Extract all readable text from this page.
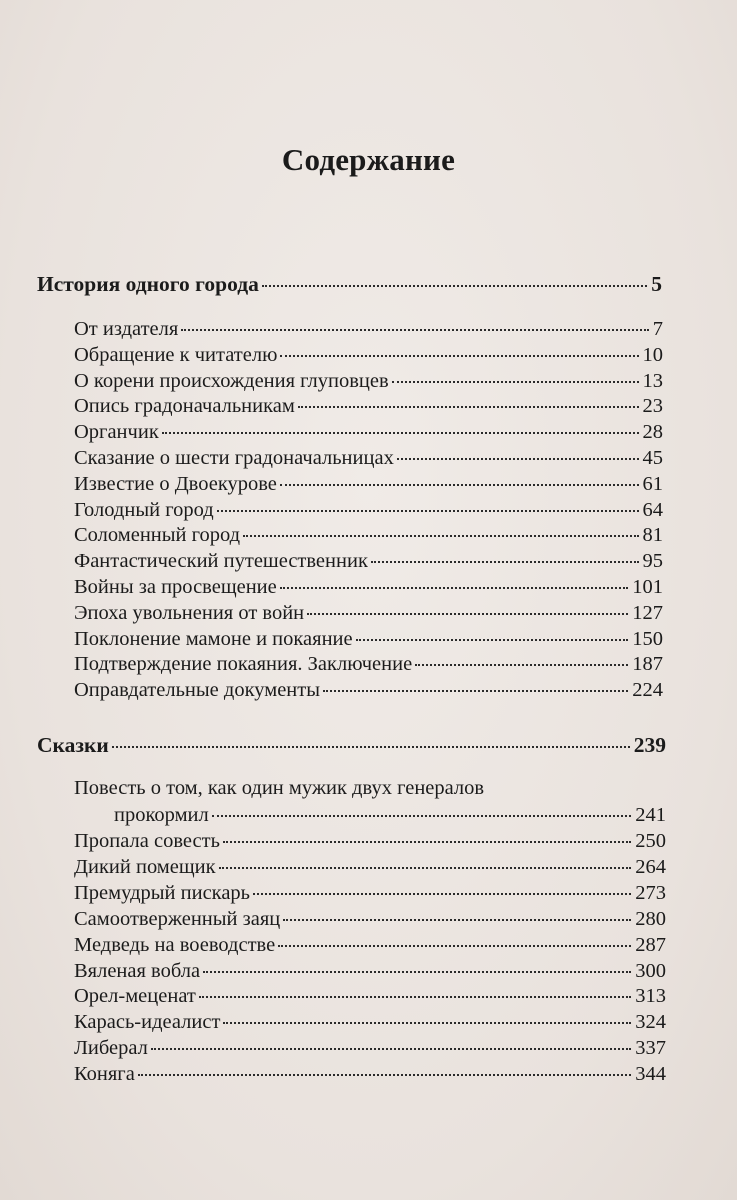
Содержание
История одного города	5
От издателя	7
Обращение к читателю	10
О корени происхождения глуповцев	13
Опись градоначальникам	23
Органчик	28
Сказание о шести градоначальницах	45
Известие о Двоекурове	61
Голодный город	64
Соломенный город	81
Фантастический путешественник	95
Войны за просвещение	101
Эпоха увольнения от войн	127
Поклонение мамоне и покаяние	150
Подтверждение покаяния. Заключение	187
Оправдательные документы	224
Сказки	239
Повесть о том, как один мужик двух генералов
прокормил	241
Пропала совесть	250
Дикий помещик	264
Премудрый пискарь	273
Самоотверженный заяц	280
Медведь на воеводстве	287
Вяленая вобла	300
Орел-меценат	313
Карась-идеалист	324
Либерал	337
Коняга	344
